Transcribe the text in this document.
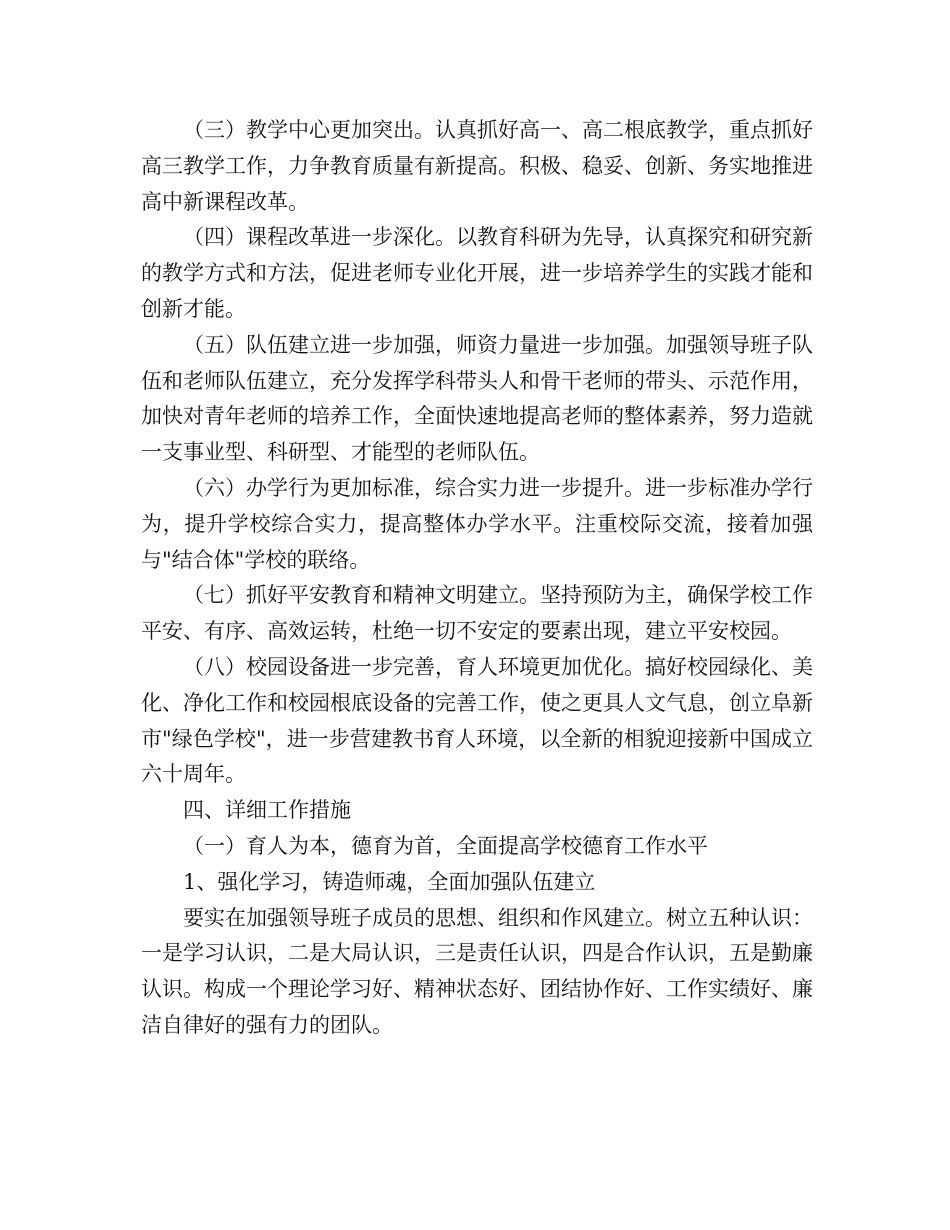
（三）教学中心更加突出。认真抓好高一、高二根底教学，重点抓好高三教学工作，力争教育质量有新提高。积极、稳妥、创新、务实地推进高中新课程改革。

（四）课程改革进一步深化。以教育科研为先导，认真探究和研究新的教学方式和方法，促进老师专业化开展，进一步培养学生的实践才能和创新才能。

（五）队伍建立进一步加强，师资力量进一步加强。加强领导班子队伍和老师队伍建立，充分发挥学科带头人和骨干老师的带头、示范作用，加快对青年老师的培养工作，全面快速地提高老师的整体素养，努力造就一支事业型、科研型、才能型的老师队伍。

（六）办学行为更加标准，综合实力进一步提升。进一步标准办学行为，提升学校综合实力，提高整体办学水平。注重校际交流，接着加强与"结合体"学校的联络。

（七）抓好平安教育和精神文明建立。坚持预防为主，确保学校工作平安、有序、高效运转，杜绝一切不安定的要素出现，建立平安校园。

（八）校园设备进一步完善，育人环境更加优化。搞好校园绿化、美化、净化工作和校园根底设备的完善工作，使之更具人文气息，创立阜新市"绿色学校"，进一步营建教书育人环境，以全新的相貌迎接新中国成立六十周年。

四、详细工作措施

（一）育人为本，德育为首，全面提高学校德育工作水平

1、强化学习，铸造师魂，全面加强队伍建立

要实在加强领导班子成员的思想、组织和作风建立。树立五种认识：一是学习认识，二是大局认识，三是责任认识，四是合作认识，五是勤廉认识。构成一个理论学习好、精神状态好、团结协作好、工作实绩好、廉洁自律好的强有力的团队。
